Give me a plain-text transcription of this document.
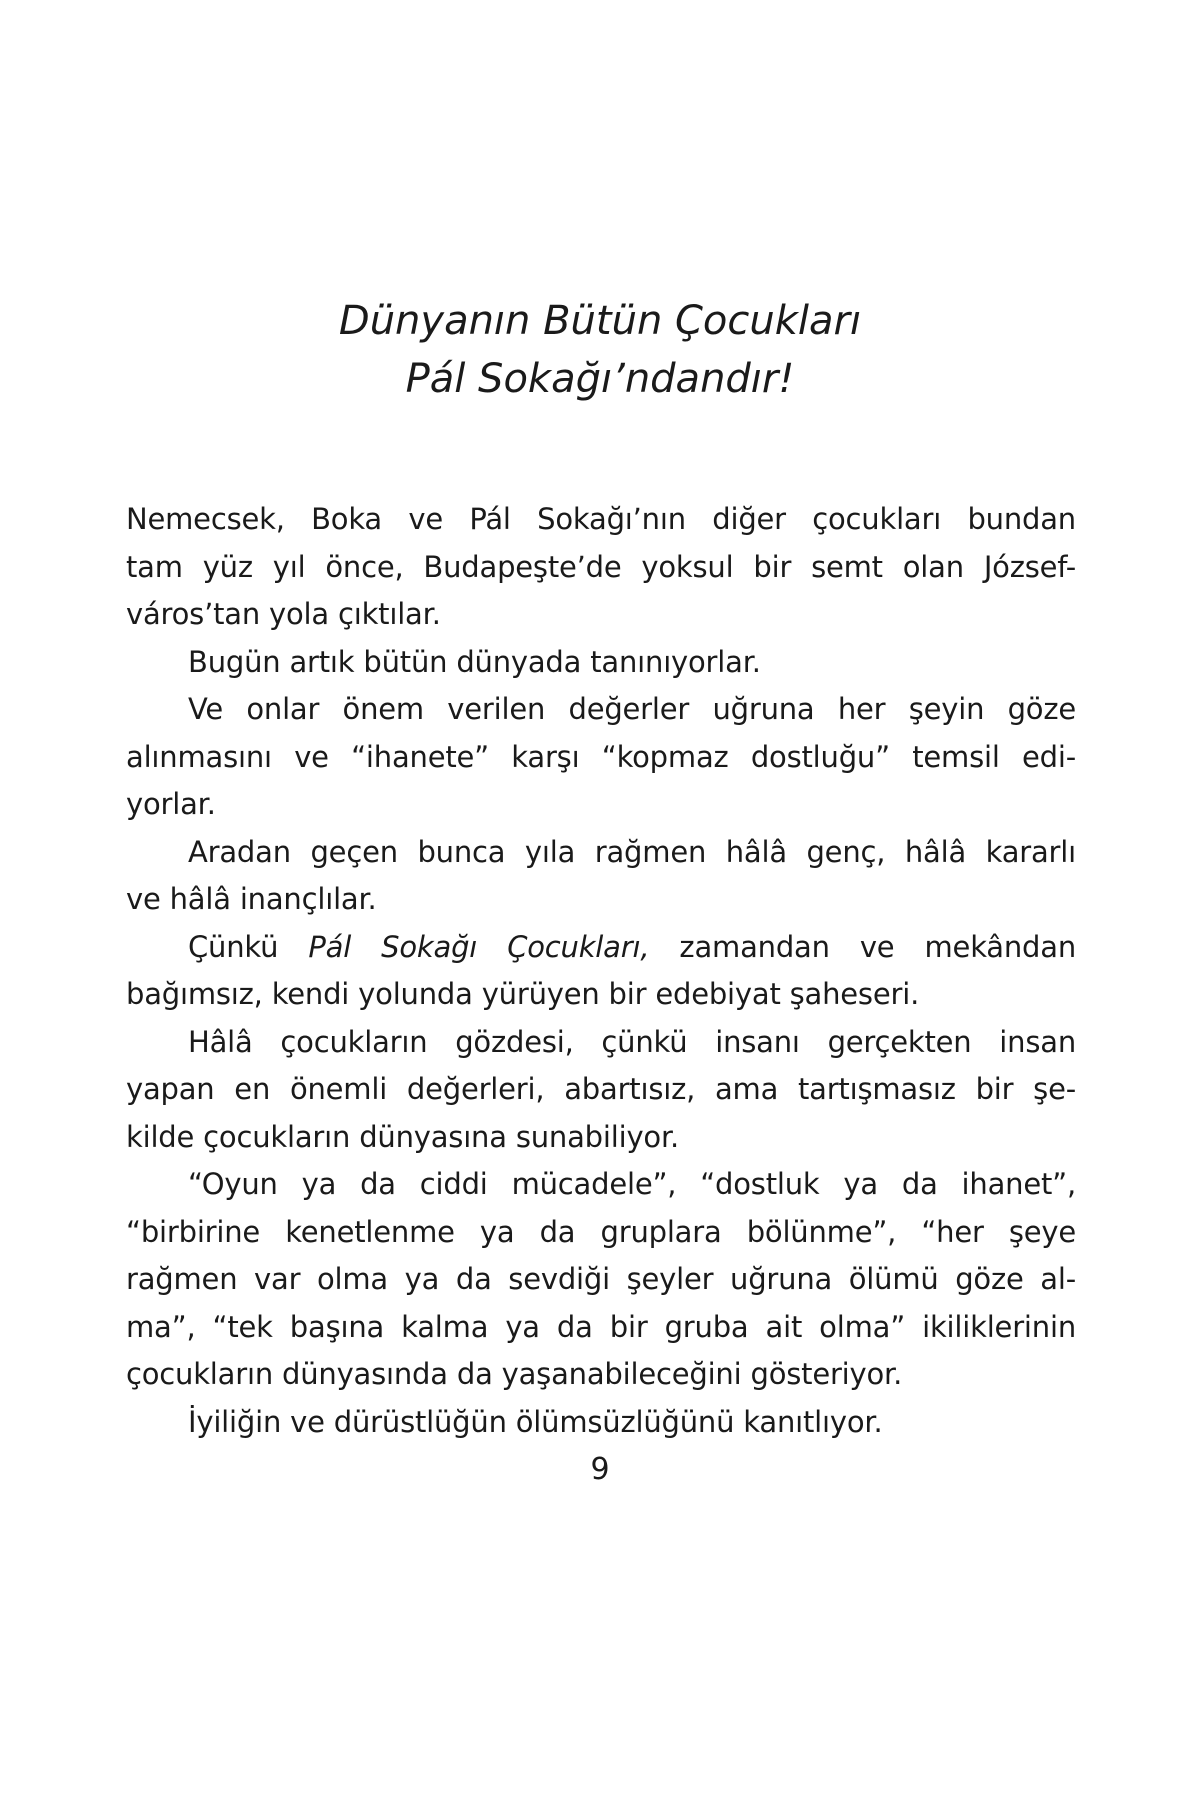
Dünyanın Bütün Çocukları
Pál Sokağı’ndandır!
Nemecsek, Boka ve Pál Sokağı’nın diğer çocukları bundan
tam yüz yıl önce, Budapeşte’de yoksul bir semt olan József-
város’tan yola çıktılar.
Bugün artık bütün dünyada tanınıyorlar.
Ve onlar önem verilen değerler uğruna her şeyin göze
alınmasını ve “ihanete” karşı “kopmaz dostluğu” temsil edi-
yorlar.
Aradan geçen bunca yıla rağmen hâlâ genç, hâlâ kararlı
ve hâlâ inançlılar.
Çünkü Pál Sokağı Çocukları, zamandan ve mekândan
bağımsız, kendi yolunda yürüyen bir edebiyat şaheseri.
Hâlâ çocukların gözdesi, çünkü insanı gerçekten insan
yapan en önemli değerleri, abartısız, ama tartışmasız bir şe-
kilde çocukların dünyasına sunabiliyor.
“Oyun ya da ciddi mücadele”, “dostluk ya da ihanet”,
“birbirine kenetlenme ya da gruplara bölünme”, “her şeye
rağmen var olma ya da sevdiği şeyler uğruna ölümü göze al-
ma”, “tek başına kalma ya da bir gruba ait olma” ikiliklerinin
çocukların dünyasında da yaşanabileceğini gösteriyor.
İyiliğin ve dürüstlüğün ölümsüzlüğünü kanıtlıyor.
9
